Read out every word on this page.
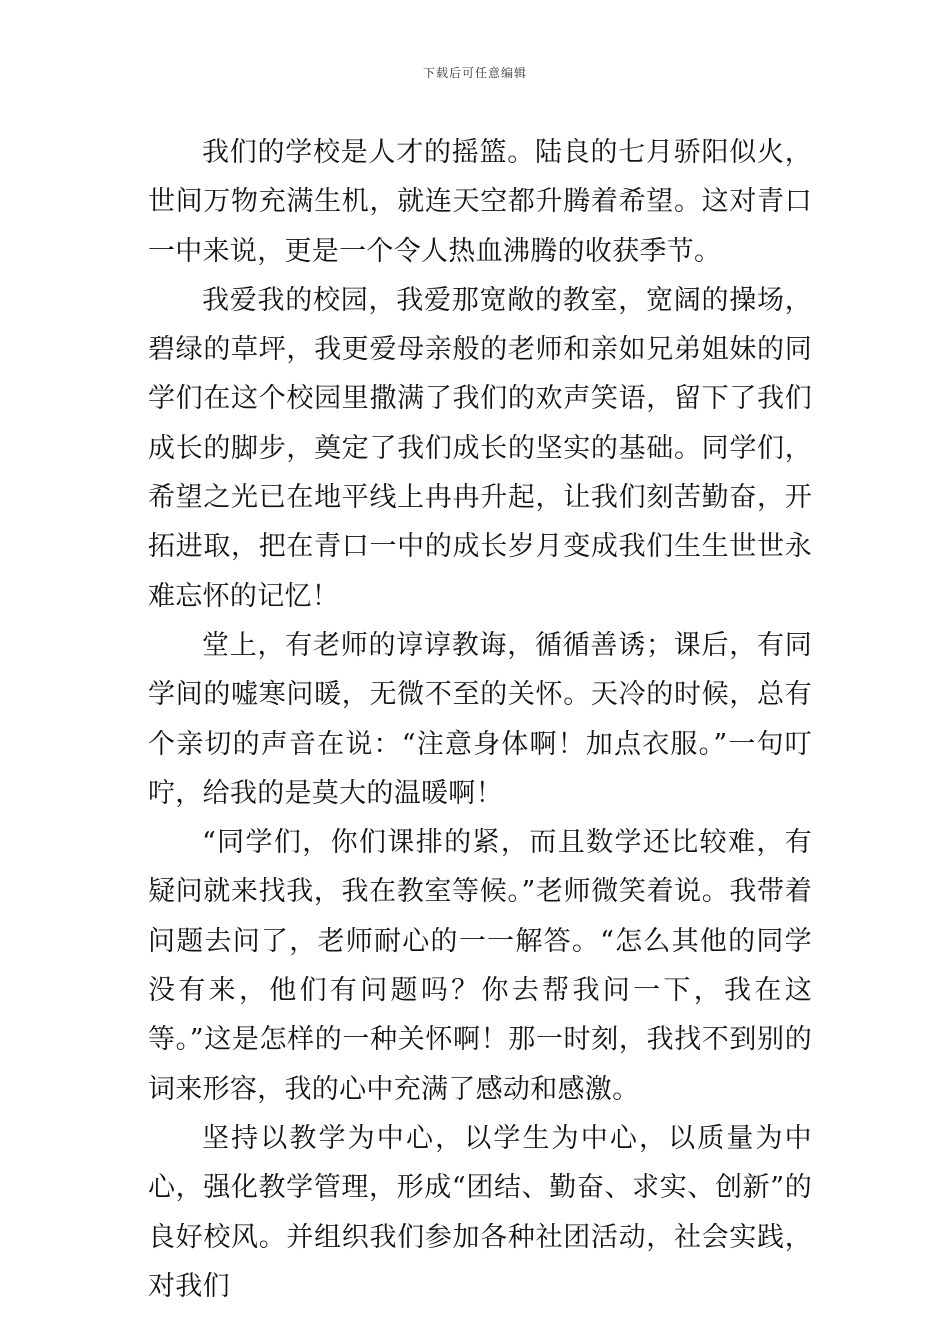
下载后可任意编辑

我们的学校是人才的摇篮。陆良的七月骄阳似火，世间万物充满生机，就连天空都升腾着希望。这对青口一中来说，更是一个令人热血沸腾的收获季节。

我爱我的校园，我爱那宽敞的教室，宽阔的操场，碧绿的草坪，我更爱母亲般的老师和亲如兄弟姐妹的同学们在这个校园里撒满了我们的欢声笑语，留下了我们成长的脚步，奠定了我们成长的坚实的基础。同学们，希望之光已在地平线上冉冉升起，让我们刻苦勤奋，开拓进取，把在青口一中的成长岁月变成我们生生世世永难忘怀的记忆！

堂上，有老师的谆谆教诲，循循善诱；课后，有同学间的嘘寒问暖，无微不至的关怀。天冷的时候，总有个亲切的声音在说：“注意身体啊！加点衣服。”一句叮咛，给我的是莫大的温暖啊！

“同学们，你们课排的紧，而且数学还比较难，有疑问就来找我，我在教室等候。”老师微笑着说。我带着问题去问了，老师耐心的一一解答。“怎么其他的同学没有来，他们有问题吗？你去帮我问一下，我在这等。”这是怎样的一种关怀啊！那一时刻，我找不到别的词来形容，我的心中充满了感动和感激。

坚持以教学为中心，以学生为中心，以质量为中心，强化教学管理，形成“团结、勤奋、求实、创新”的良好校风。并组织我们参加各种社团活动，社会实践，对我们
